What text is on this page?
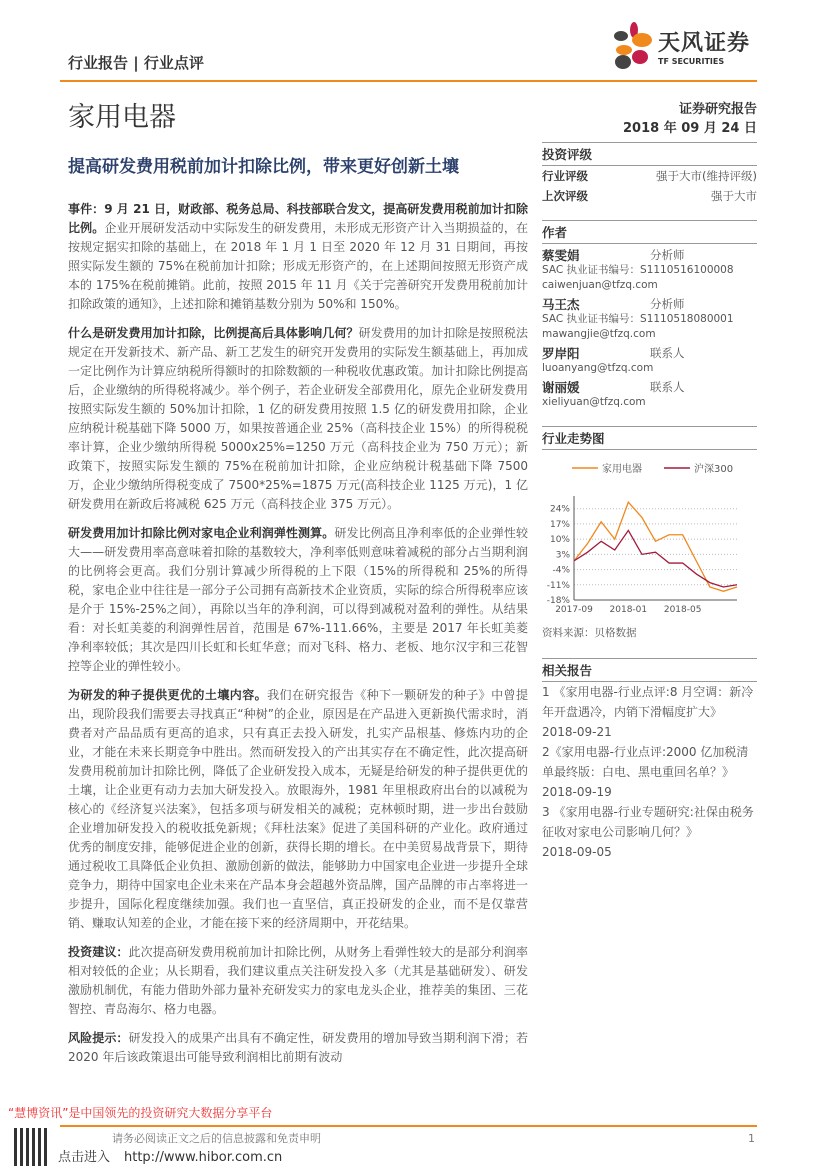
行业报告 | 行业点评
天风证券
TF SECURITIES
家用电器
提高研发费用税前加计扣除比例，带来更好创新土壤

事件：9 月 21 日，财政部、税务总局、科技部联合发文，提高研发费用税前加计扣除比例。企业开展研发活动中实际发生的研发费用，未形成无形资产计入当期损益的，在按规定据实扣除的基础上，在 2018 年 1 月 1 日至 2020 年 12 月 31 日期间，再按照实际发生额的 75%在税前加计扣除；形成无形资产的，在上述期间按照无形资产成本的 175%在税前摊销。此前，按照 2015 年 11 月《关于完善研究开发费用税前加计扣除政策的通知》，上述扣除和摊销基数分别为 50%和 150%。

什么是研发费用加计扣除，比例提高后具体影响几何？研发费用的加计扣除是按照税法规定在开发新技术、新产品、新工艺发生的研究开发费用的实际发生额基础上，再加成一定比例作为计算应纳税所得额时的扣除数额的一种税收优惠政策。加计扣除比例提高后，企业缴纳的所得税将减少。举个例子，若企业研发全部费用化，原先企业研发费用按照实际发生额的 50%加计扣除，1 亿的研发费用按照 1.5 亿的研发费用扣除，企业应纳税计税基础下降 5000 万，如果按普通企业 25%（高科技企业 15%）的所得税税率计算，企业少缴纳所得税 5000x25%=1250 万元（高科技企业为 750 万元）；新政策下，按照实际发生额的 75%在税前加计扣除，企业应纳税计税基础下降 7500 万，企业少缴纳所得税变成了 7500*25%=1875 万元(高科技企业 1125 万元)，1 亿研发费用在新政后将减税 625 万元（高科技企业 375 万元）。

研发费用加计扣除比例对家电企业利润弹性测算。研发比例高且净利率低的企业弹性较大——研发费用率高意味着扣除的基数较大，净利率低则意味着减税的部分占当期利润的比例将会更高。我们分别计算减少所得税的上下限（15%的所得税和 25%的所得税，家电企业中往往是一部分子公司拥有高新技术企业资质，实际的综合所得税率应该是介于 15%-25%之间），再除以当年的净利润，可以得到减税对盈利的弹性。从结果看：对长虹美菱的利润弹性居首，范围是 67%-111.66%，主要是 2017 年长虹美菱净利率较低；其次是四川长虹和长虹华意；而对飞科、格力、老板、地尔汉宇和三花智控等企业的弹性较小。

为研发的种子提供更优的土壤内容。我们在研究报告《种下一颗研发的种子》中曾提出，现阶段我们需要去寻找真正“种树”的企业，原因是在产品进入更新换代需求时，消费者对产品品质有更高的追求，只有真正去投入研发，扎实产品根基、修炼内功的企业，才能在未来长期竞争中胜出。然而研发投入的产出其实存在不确定性，此次提高研发费用税前加计扣除比例，降低了企业研发投入成本，无疑是给研发的种子提供更优的土壤，让企业更有动力去加大研发投入。放眼海外，1981 年里根政府出台的以减税为核心的《经济复兴法案》，包括多项与研发相关的减税；克林顿时期，进一步出台鼓励企业增加研发投入的税收抵免新规；《拜杜法案》促进了美国科研的产业化。政府通过优秀的制度安排，能够促进企业的创新，获得长期的增长。在中美贸易战背景下，期待通过税收工具降低企业负担、激励创新的做法，能够助力中国家电企业进一步提升全球竞争力，期待中国家电企业未来在产品本身会超越外资品牌，国产品牌的市占率将进一步提升，国际化程度继续加强。我们也一直坚信，真正投研发的企业，而不是仅靠营销、赚取认知差的企业，才能在接下来的经济周期中，开花结果。

投资建议：此次提高研发费用税前加计扣除比例，从财务上看弹性较大的是部分利润率相对较低的企业；从长期看，我们建议重点关注研发投入多（尤其是基础研发）、研发激励机制优，有能力借助外部力量补充研发实力的家电龙头企业，推荐美的集团、三花智控、青岛海尔、格力电器。

风险提示：研发投入的成果产出具有不确定性，研发费用的增加导致当期利润下滑；若 2020 年后该政策退出可能导致利润相比前期有波动

证券研究报告
2018 年 09 月 24 日
投资评级
行业评级	强于大市(维持评级)
上次评级	强于大市
作者
蔡雯娟	分析师
SAC 执业证书编号：S1110516100008
caiwenjuan@tfzq.com
马王杰	分析师
SAC 执业证书编号：S1110518080001
mawangjie@tfzq.com
罗岸阳	联系人
luoanyang@tfzq.com
谢丽媛	联系人
xieliyuan@tfzq.com
行业走势图
家用电器	沪深300
24%
17%
10%
3%
-4%
-11%
-18%
2017-09 2018-01 2018-05
资料来源：贝格数据
相关报告
1 《家用电器-行业点评:8 月空调：新冷年开盘遇冷，内销下滑幅度扩大》
2018-09-21
2《家用电器-行业点评:2000 亿加税清单最终版：白电、黑电重回名单？》
2018-09-19
3 《家用电器-行业专题研究:社保由税务征收对家电公司影响几何？》
2018-09-05
“慧博资讯”是中国领先的投资研究大数据分享平台
请务必阅读正文之后的信息披露和免责申明	1
点击进入 http://www.hibor.com.cn
